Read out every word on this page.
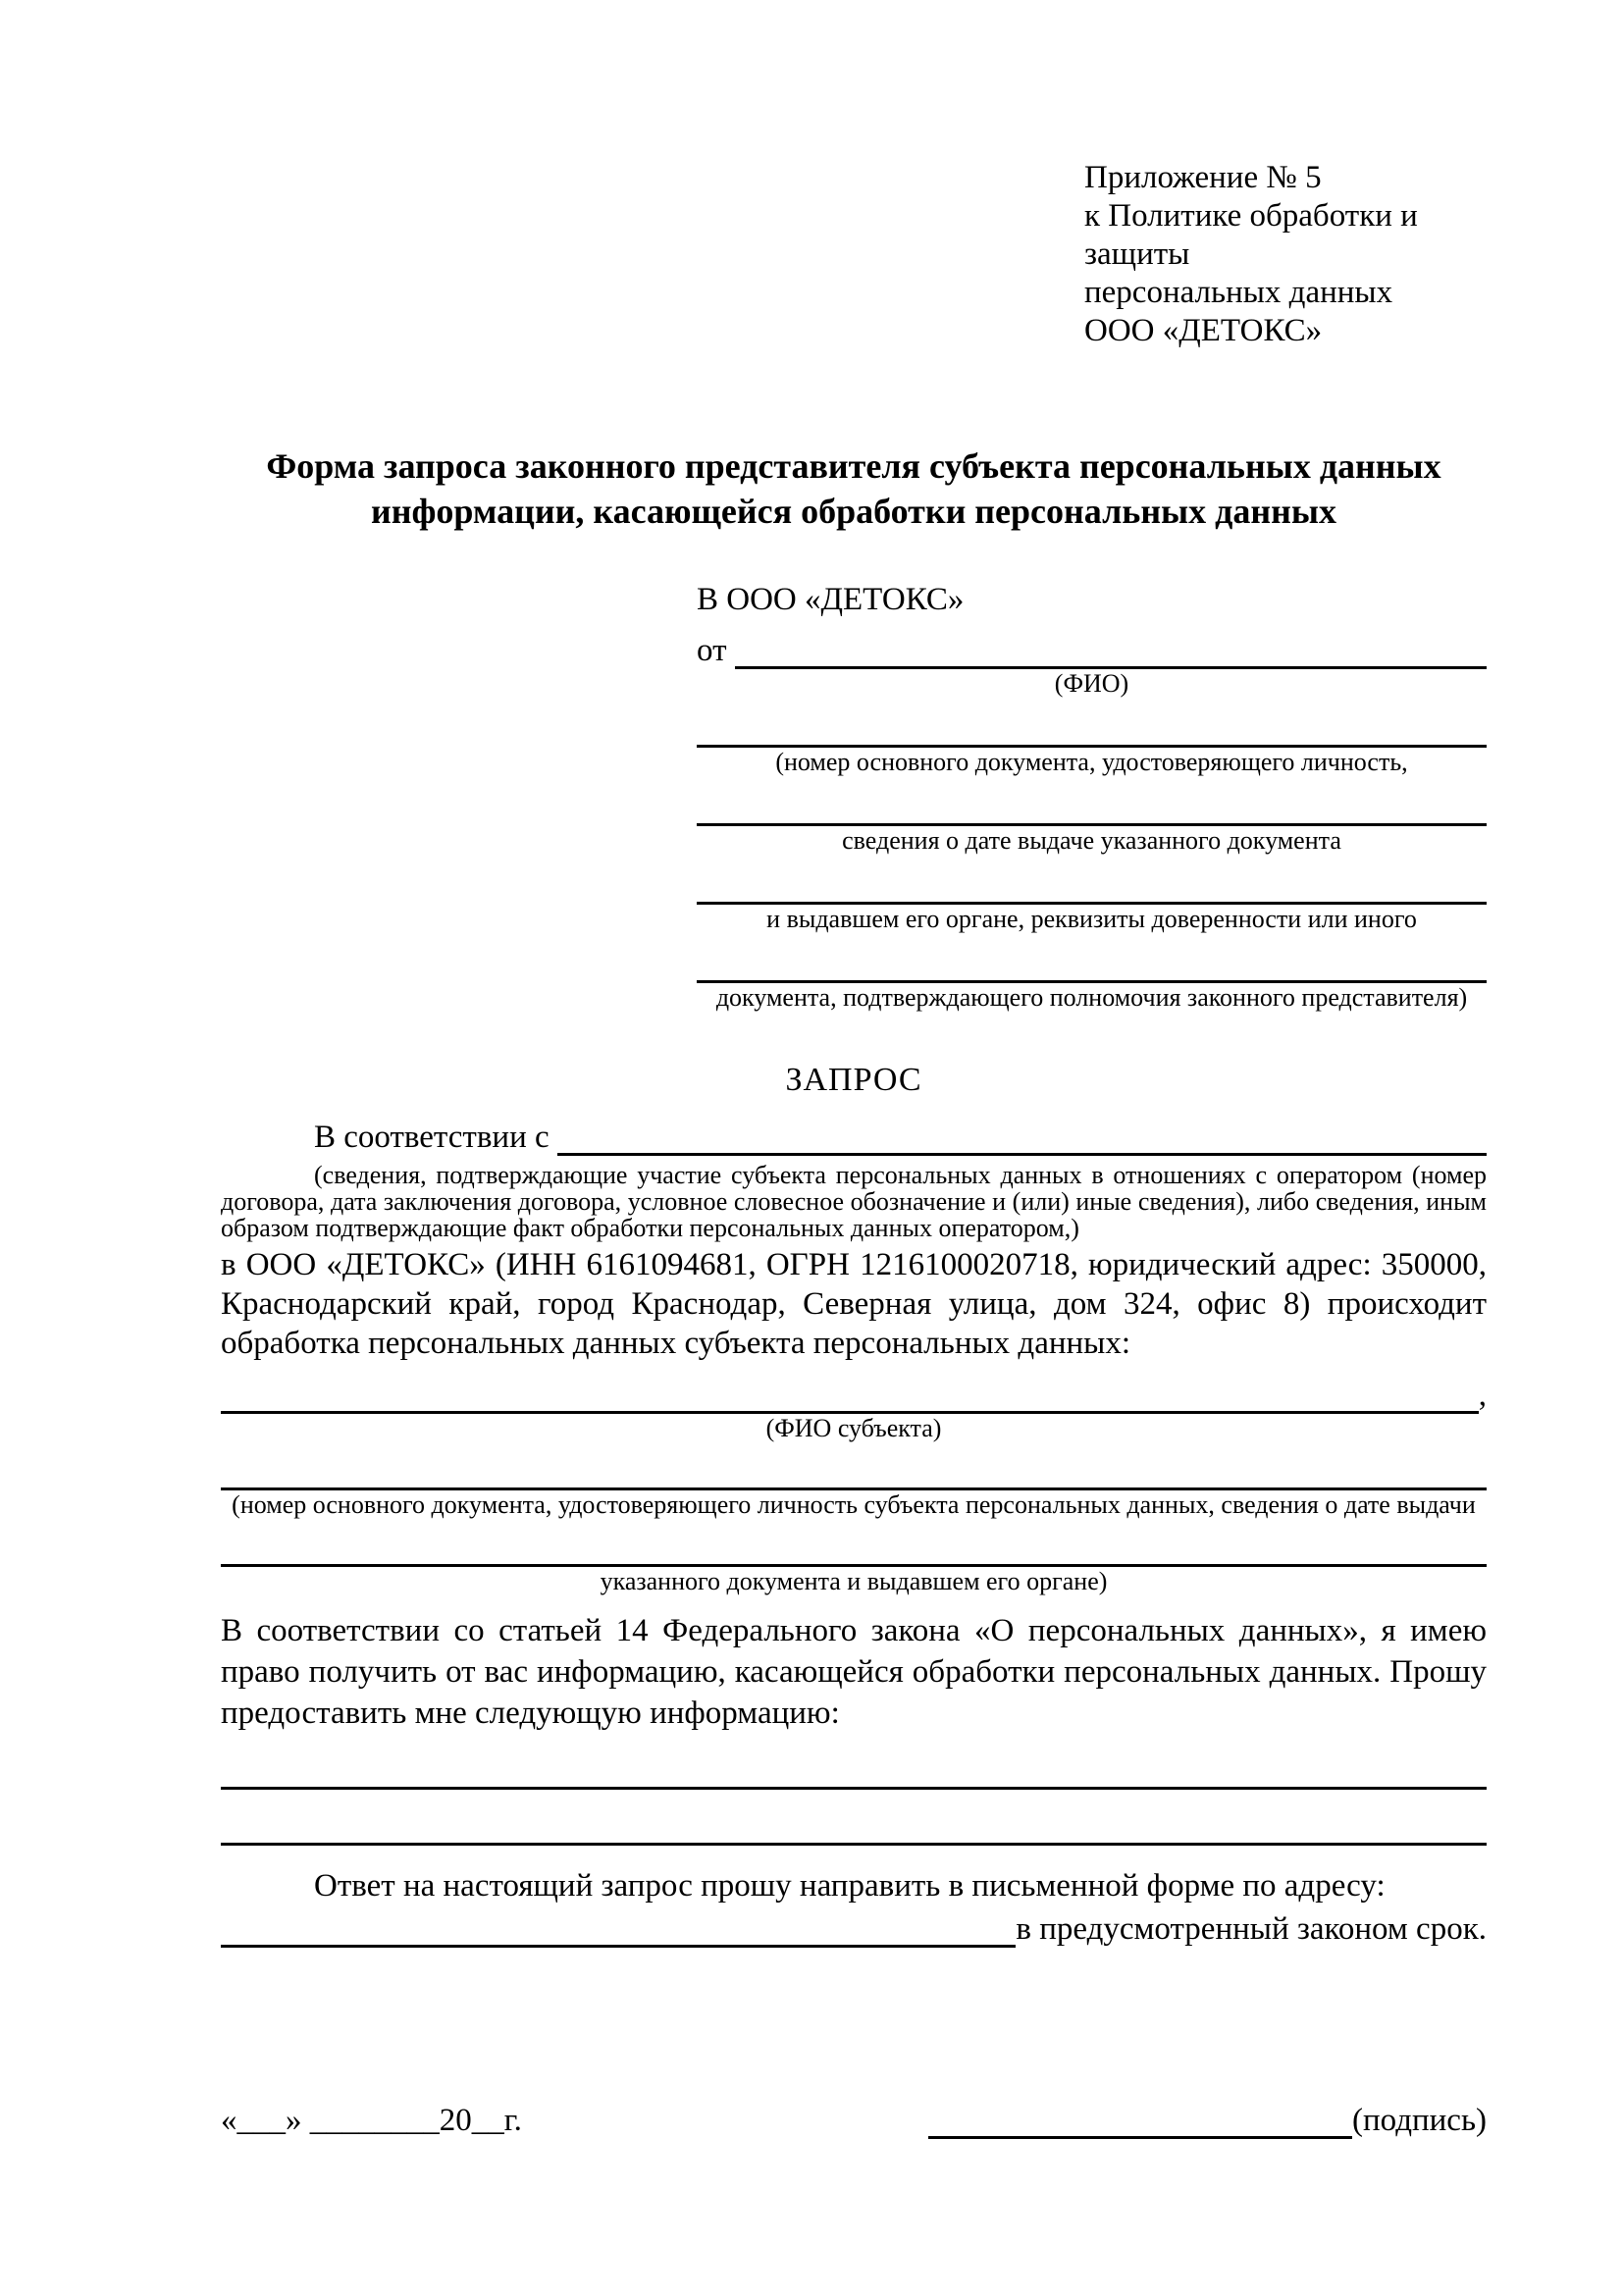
Приложение № 5
к Политике обработки и защиты
персональных данных
ООО «ДЕТОКС»
Форма запроса законного представителя субъекта персональных данных информации, касающейся обработки персональных данных
В ООО «ДЕТОКС»
от
(ФИО)
(номер основного документа, удостоверяющего личность,
сведения о дате выдаче указанного документа
и выдавшем его органе, реквизиты доверенности или иного
документа, подтверждающего полномочия законного представителя)
ЗАПРОС
В соответствии с
(сведения, подтверждающие участие субъекта персональных данных в отношениях с оператором (номер договора, дата заключения договора, условное словесное обозначение и (или) иные сведения), либо сведения, иным образом подтверждающие факт обработки персональных данных оператором,)
в ООО «ДЕТОКС» (ИНН 6161094681, ОГРН 1216100020718, юридический адрес: 350000, Краснодарский край, город Краснодар, Северная улица, дом 324, офис 8) происходит обработка персональных данных субъекта персональных данных:
,
(ФИО субъекта)
(номер основного документа, удостоверяющего личность субъекта персональных данных, сведения о дате выдачи
указанного документа и выдавшем его органе)
В соответствии со статьей 14 Федерального закона «О персональных данных», я имею право получить от вас информацию, касающейся обработки персональных данных. Прошу предоставить мне следующую информацию:
Ответ на настоящий запрос прошу направить в письменной форме по адресу:
в предусмотренный законом срок.
«___» ________20__г.	(подпись)
